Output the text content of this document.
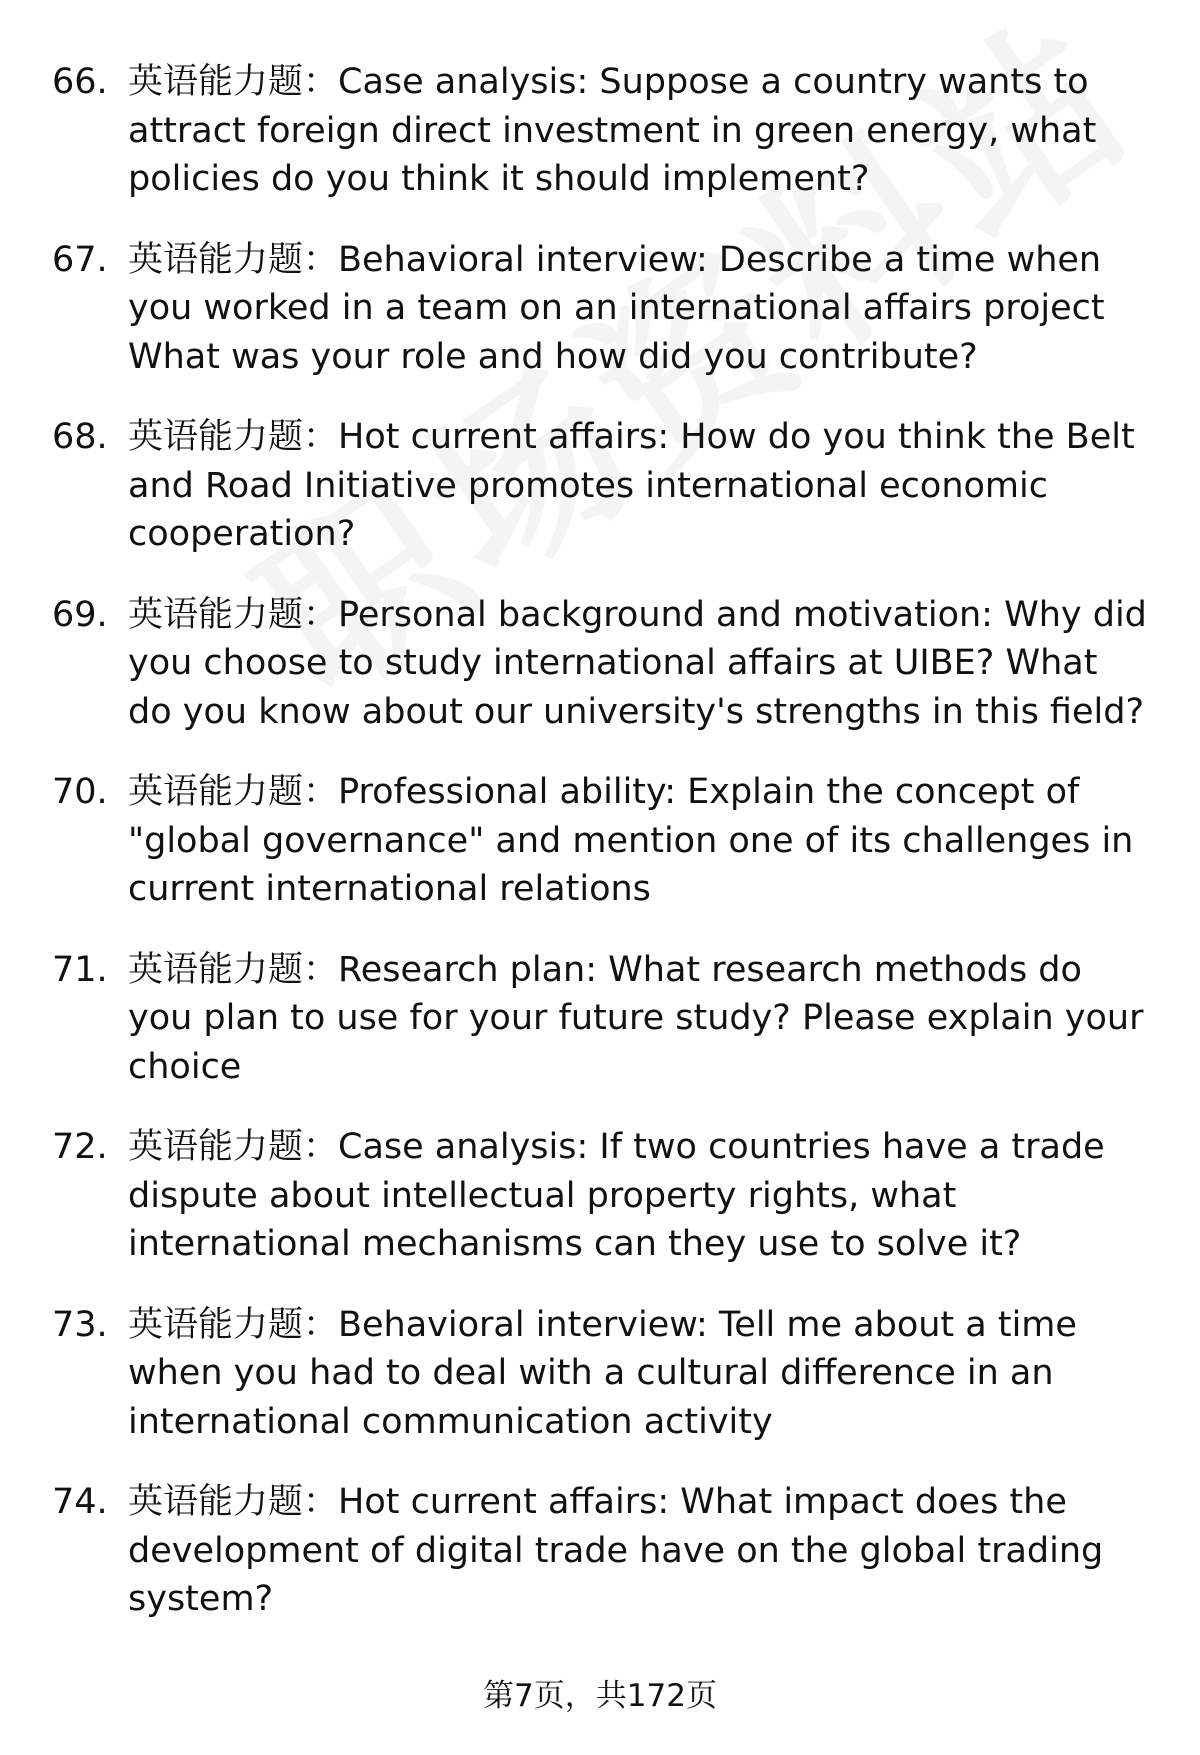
66. 英语能力题：Case analysis: Suppose a country wants to attract foreign direct investment in green energy, what policies do you think it should implement?
67. 英语能力题：Behavioral interview: Describe a time when you worked in a team on an international affairs project What was your role and how did you contribute?
68. 英语能力题：Hot current affairs: How do you think the Belt and Road Initiative promotes international economic cooperation?
69. 英语能力题：Personal background and motivation: Why did you choose to study international affairs at UIBE? What do you know about our university's strengths in this field?
70. 英语能力题：Professional ability: Explain the concept of "global governance" and mention one of its challenges in current international relations
71. 英语能力题：Research plan: What research methods do you plan to use for your future study? Please explain your choice
72. 英语能力题：Case analysis: If two countries have a trade dispute about intellectual property rights, what international mechanisms can they use to solve it?
73. 英语能力题：Behavioral interview: Tell me about a time when you had to deal with a cultural difference in an international communication activity
74. 英语能力题：Hot current affairs: What impact does the development of digital trade have on the global trading system?
第7页，共172页
